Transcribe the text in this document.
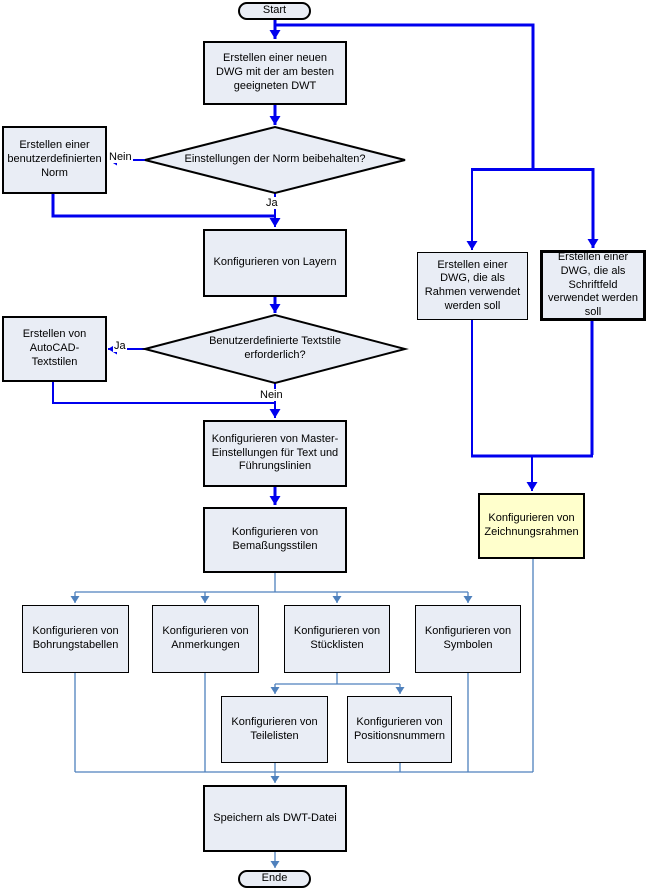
Start
Ende
Erstellen einer neuen DWG mit der am besten geeigneten DWT
Erstellen einer benutzerdefinierten Norm
Konfigurieren von Layern
Erstellen von AutoCAD-Textstilen
Konfigurieren von Master-Einstellungen für Text und Führungslinien
Konfigurieren von Bemaßungsstilen
Konfigurieren von Bohrungstabellen
Konfigurieren von Anmerkungen
Konfigurieren von Stücklisten
Konfigurieren von Symbolen
Konfigurieren von Teilelisten
Konfigurieren von Positionsnummern
Speichern als DWT-Datei
Erstellen einer DWG, die als Rahmen verwendet werden soll
Erstellen einer DWG, die als Schriftfeld verwendet werden soll
Konfigurieren von Zeichnungsrahmen
Einstellungen der Norm beibehalten?
Benutzerdefinierte Textstile erforderlich?
Nein
Ja
Ja
Nein
